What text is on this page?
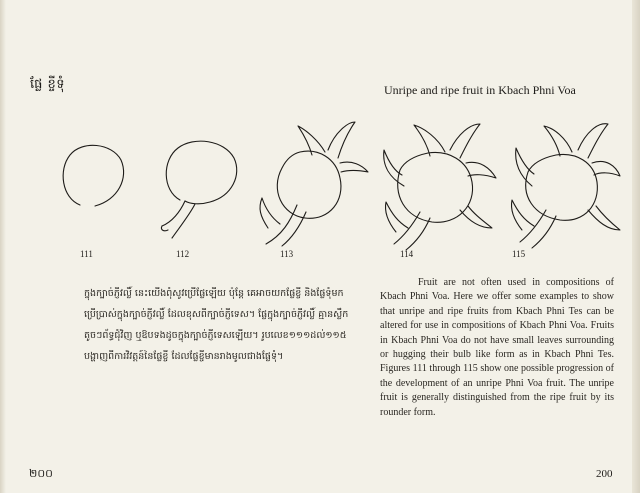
ផ្លែ ខ្ចីទុំ	Unripe and ripe fruit in Kbach Phni Voa
111	112	113	114	115
ក្នុងក្បាច់ភ្ញីវល្លិ៍ នេះយើងពុំសូវប្រើផ្លែឡើយ ប៉ុន្តែ គេអាចយកផ្លែខ្ចី និងផ្លែទុំមកប្រើប្រាស់ក្នុងក្បាច់ភ្ញីវល្លិ៍ ដែលខុសពីក្បាច់ភ្ញីទេស។ ផ្លែក្នុងក្បាច់ភ្ញីវល្លិ៍ គ្មានស្លឹកតូចៗព័ទ្ធជុំវិញ ឬឱបទងដូចក្នុងក្បាច់ភ្ញីទេសឡើយ។ រូបលេខ១១១ដល់១១៥ បង្ហាញពីការវិវត្តន៍នៃផ្លែខ្ចី ដែលផ្លែខ្ចីមានរាងមូលជាងផ្លែទុំ។

Fruit are not often used in compositions of Kbach Phni Voa. Here we offer some examples to show that unripe and ripe fruits from Kbach Phni Tes can be altered for use in compositions of Kbach Phni Voa. Fruits in Kbach Phni Voa do not have small leaves surrounding or hugging their bulb like form as in Kbach Phni Tes. Figures 111 through 115 show one possible progression of the development of an unripe Phni Voa fruit. The unripe fruit is generally distinguished from the ripe fruit by its rounder form.

២០០	200
